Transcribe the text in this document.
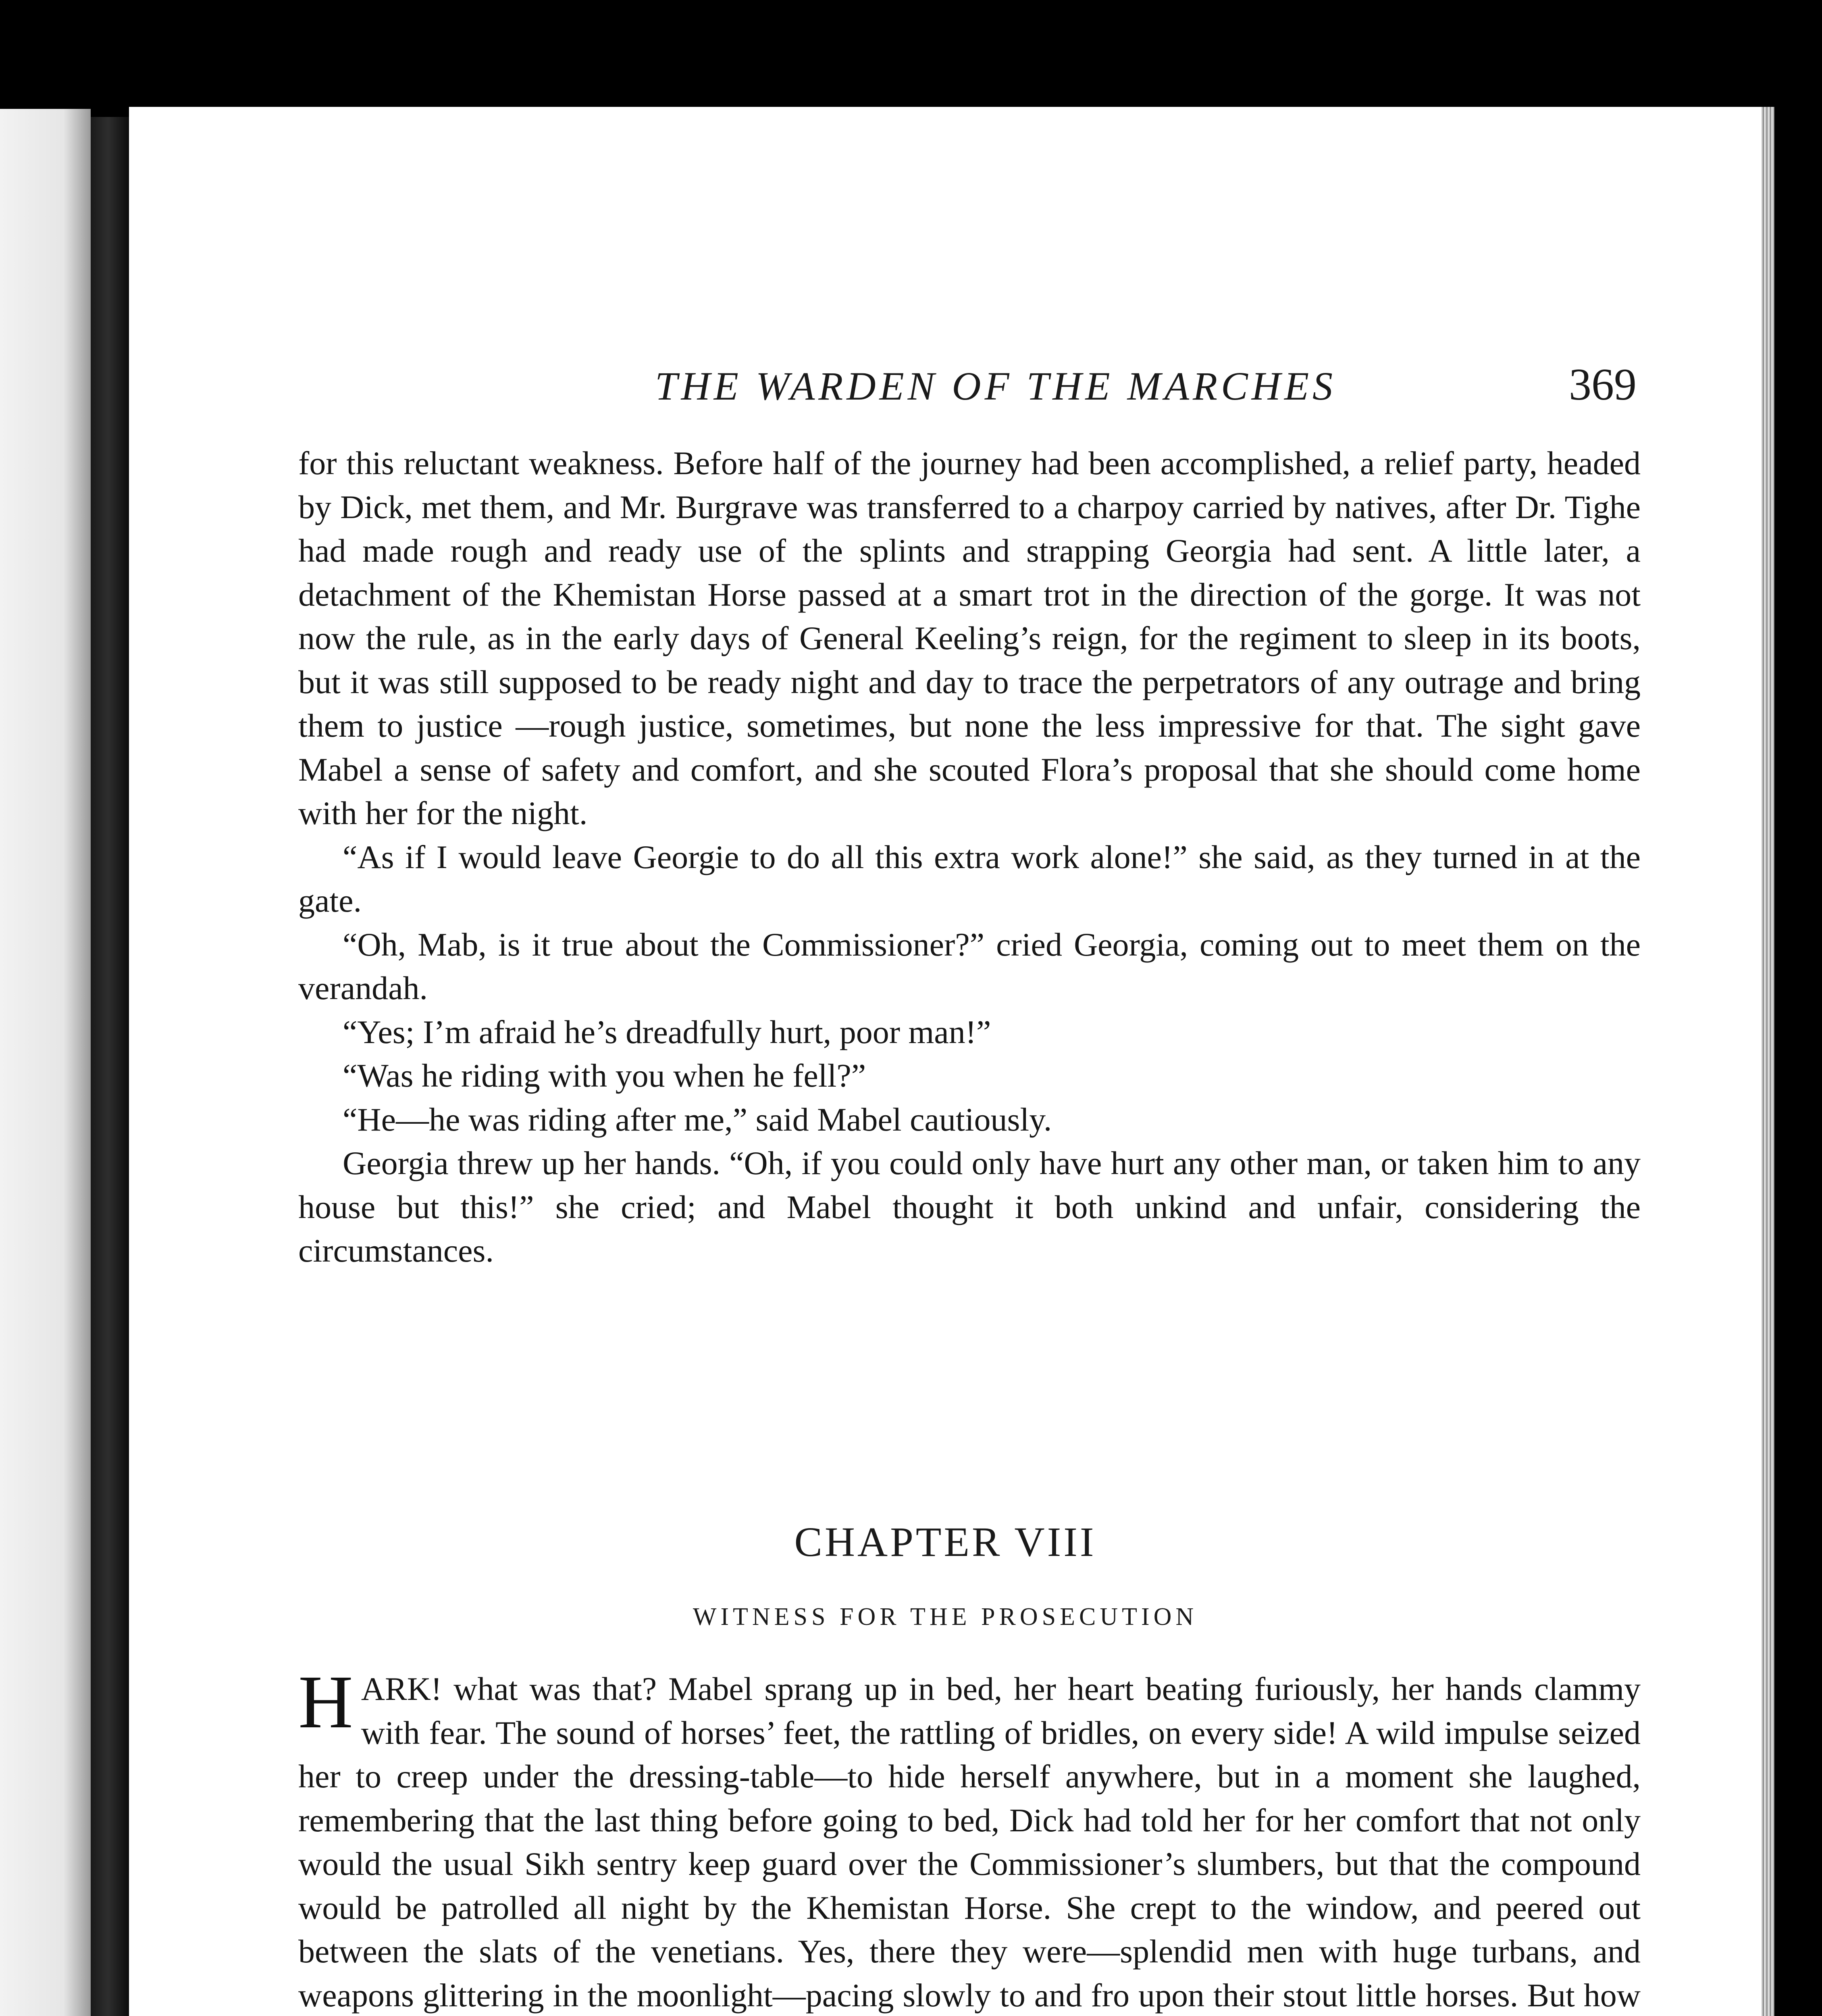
THE WARDEN OF THE MARCHES	369

for this reluctant weakness. Before half of the journey had been accomplished, a relief party, headed by Dick, met them, and Mr. Burgrave was transferred to a charpoy carried by natives, after Dr. Tighe had made rough and ready use of the splints and strapping Georgia had sent. A little later, a detachment of the Khemistan Horse passed at a smart trot in the direction of the gorge. It was not now the rule, as in the early days of General Keeling’s reign, for the regiment to sleep in its boots, but it was still supposed to be ready night and day to trace the perpetrators of any outrage and bring them to justice —rough justice, sometimes, but none the less impressive for that. The sight gave Mabel a sense of safety and comfort, and she scouted Flora’s proposal that she should come home with her for the night.

“As if I would leave Georgie to do all this extra work alone!” she said, as they turned in at the gate.

“Oh, Mab, is it true about the Commissioner?” cried Georgia, coming out to meet them on the verandah.

“Yes; I’m afraid he’s dreadfully hurt, poor man!”

“Was he riding with you when he fell?”

“He—he was riding after me,” said Mabel cautiously.

Georgia threw up her hands. “Oh, if you could only have hurt any other man, or taken him to any house but this!” she cried; and Mabel thought it both unkind and unfair, considering the circumstances.

CHAPTER VIII
WITNESS FOR THE PROSECUTION

HARK! what was that? Mabel sprang up in bed, her heart beating furiously, her hands clammy with fear. The sound of horses’ feet, the rattling of bridles, on every side! A wild impulse seized her to creep under the dressing-table—to hide herself anywhere, but in a moment she laughed, remembering that the last thing before going to bed, Dick had told her for her comfort that not only would the usual Sikh sentry keep guard over the Commissioner’s slumbers, but that the compound would be patrolled all night by the Khemistan Horse. She crept to the window, and peered out between the slats of the venetians. Yes, there they were—splendid men with huge turbans, and weapons glittering in the moonlight—pacing slowly to and fro upon their stout little horses. But how
